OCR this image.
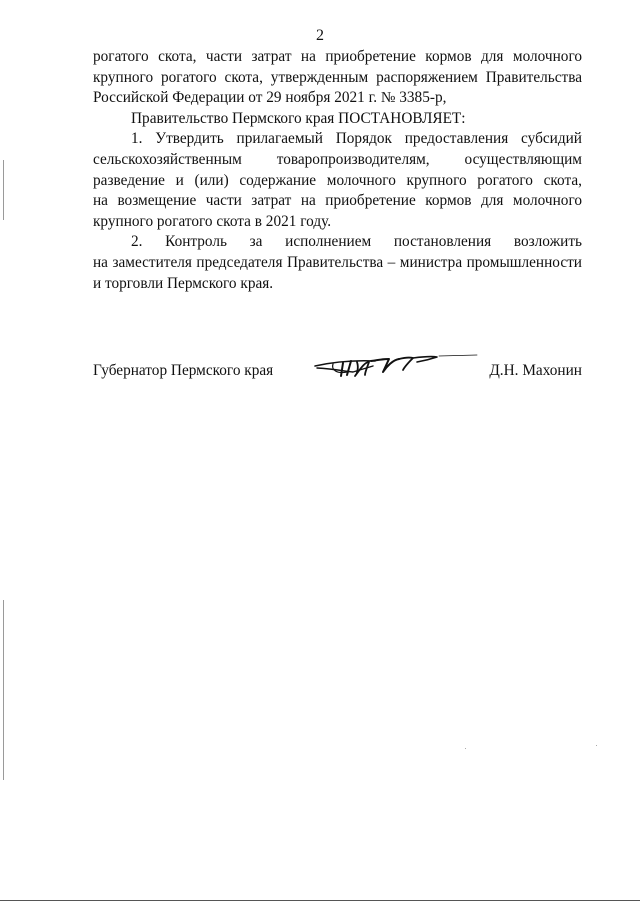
2
рогатого скота, части затрат на приобретение кормов для молочного
крупного рогатого скота, утвержденным распоряжением Правительства
Российской Федерации от 29 ноября 2021 г. № 3385-р,
Правительство Пермского края ПОСТАНОВЛЯЕТ:
1. Утвердить прилагаемый Порядок предоставления субсидий
сельскохозяйственным товаропроизводителям, осуществляющим
разведение и (или) содержание молочного крупного рогатого скота,
на возмещение части затрат на приобретение кормов для молочного
крупного рогатого скота в 2021 году.
2. Контроль за исполнением постановления возложить
на заместителя председателя Правительства – министра промышленности
и торговли Пермского края.
Губернатор Пермского края	Д.Н. Махонин
